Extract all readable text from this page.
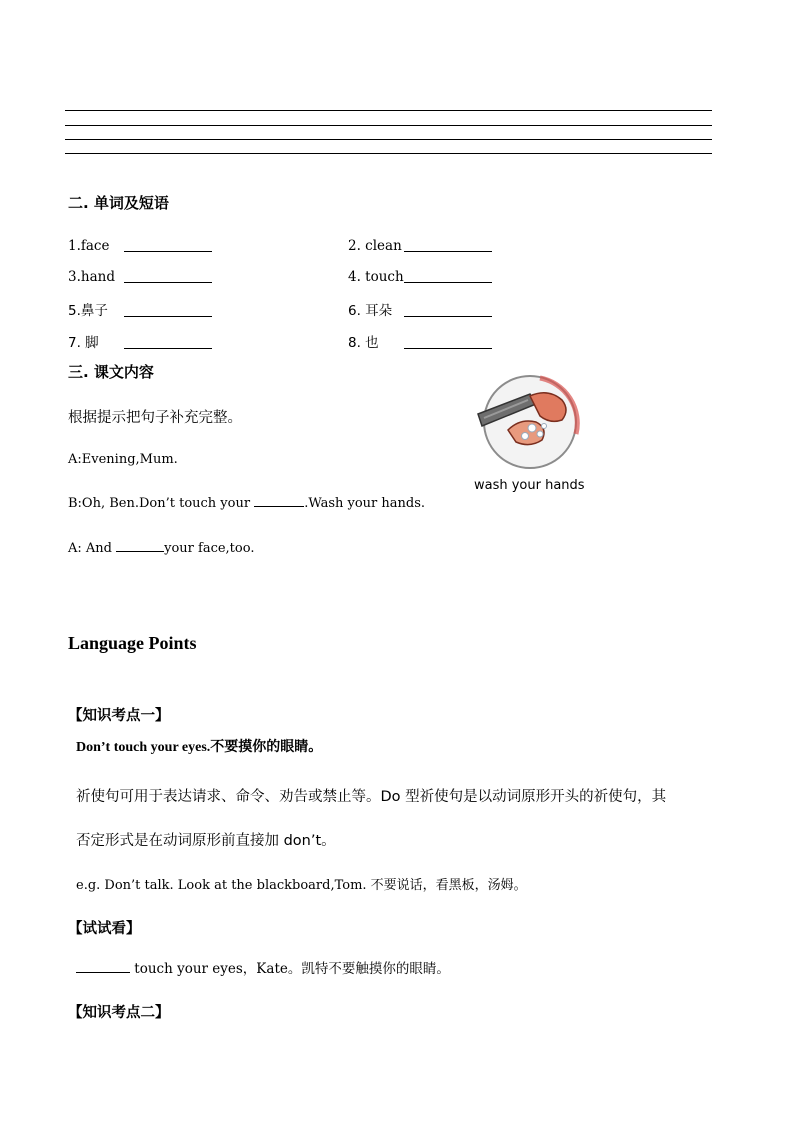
二. 单词及短语
1.face	2. clean
3.hand	4. touch
5.鼻子	6. 耳朵
7. 脚	8. 也
三. 课文内容
根据提示把句子补充完整。
A:Evening,Mum.
B:Oh, Ben.Don’t touch your	.Wash your hands.
A: And	your face,too.
wash your hands
Language Points
【知识考点一】
Don’t touch your eyes.不要摸你的眼睛。
祈使句可用于表达请求、命令、劝告或禁止等。Do 型祈使句是以动词原形开头的祈使句，其
否定形式是在动词原形前直接加 don’t。
e.g. Don’t talk. Look at the blackboard,Tom. 不要说话，看黑板，汤姆。
【试试看】
touch your eyes，Kate。凯特不要触摸你的眼睛。
【知识考点二】
